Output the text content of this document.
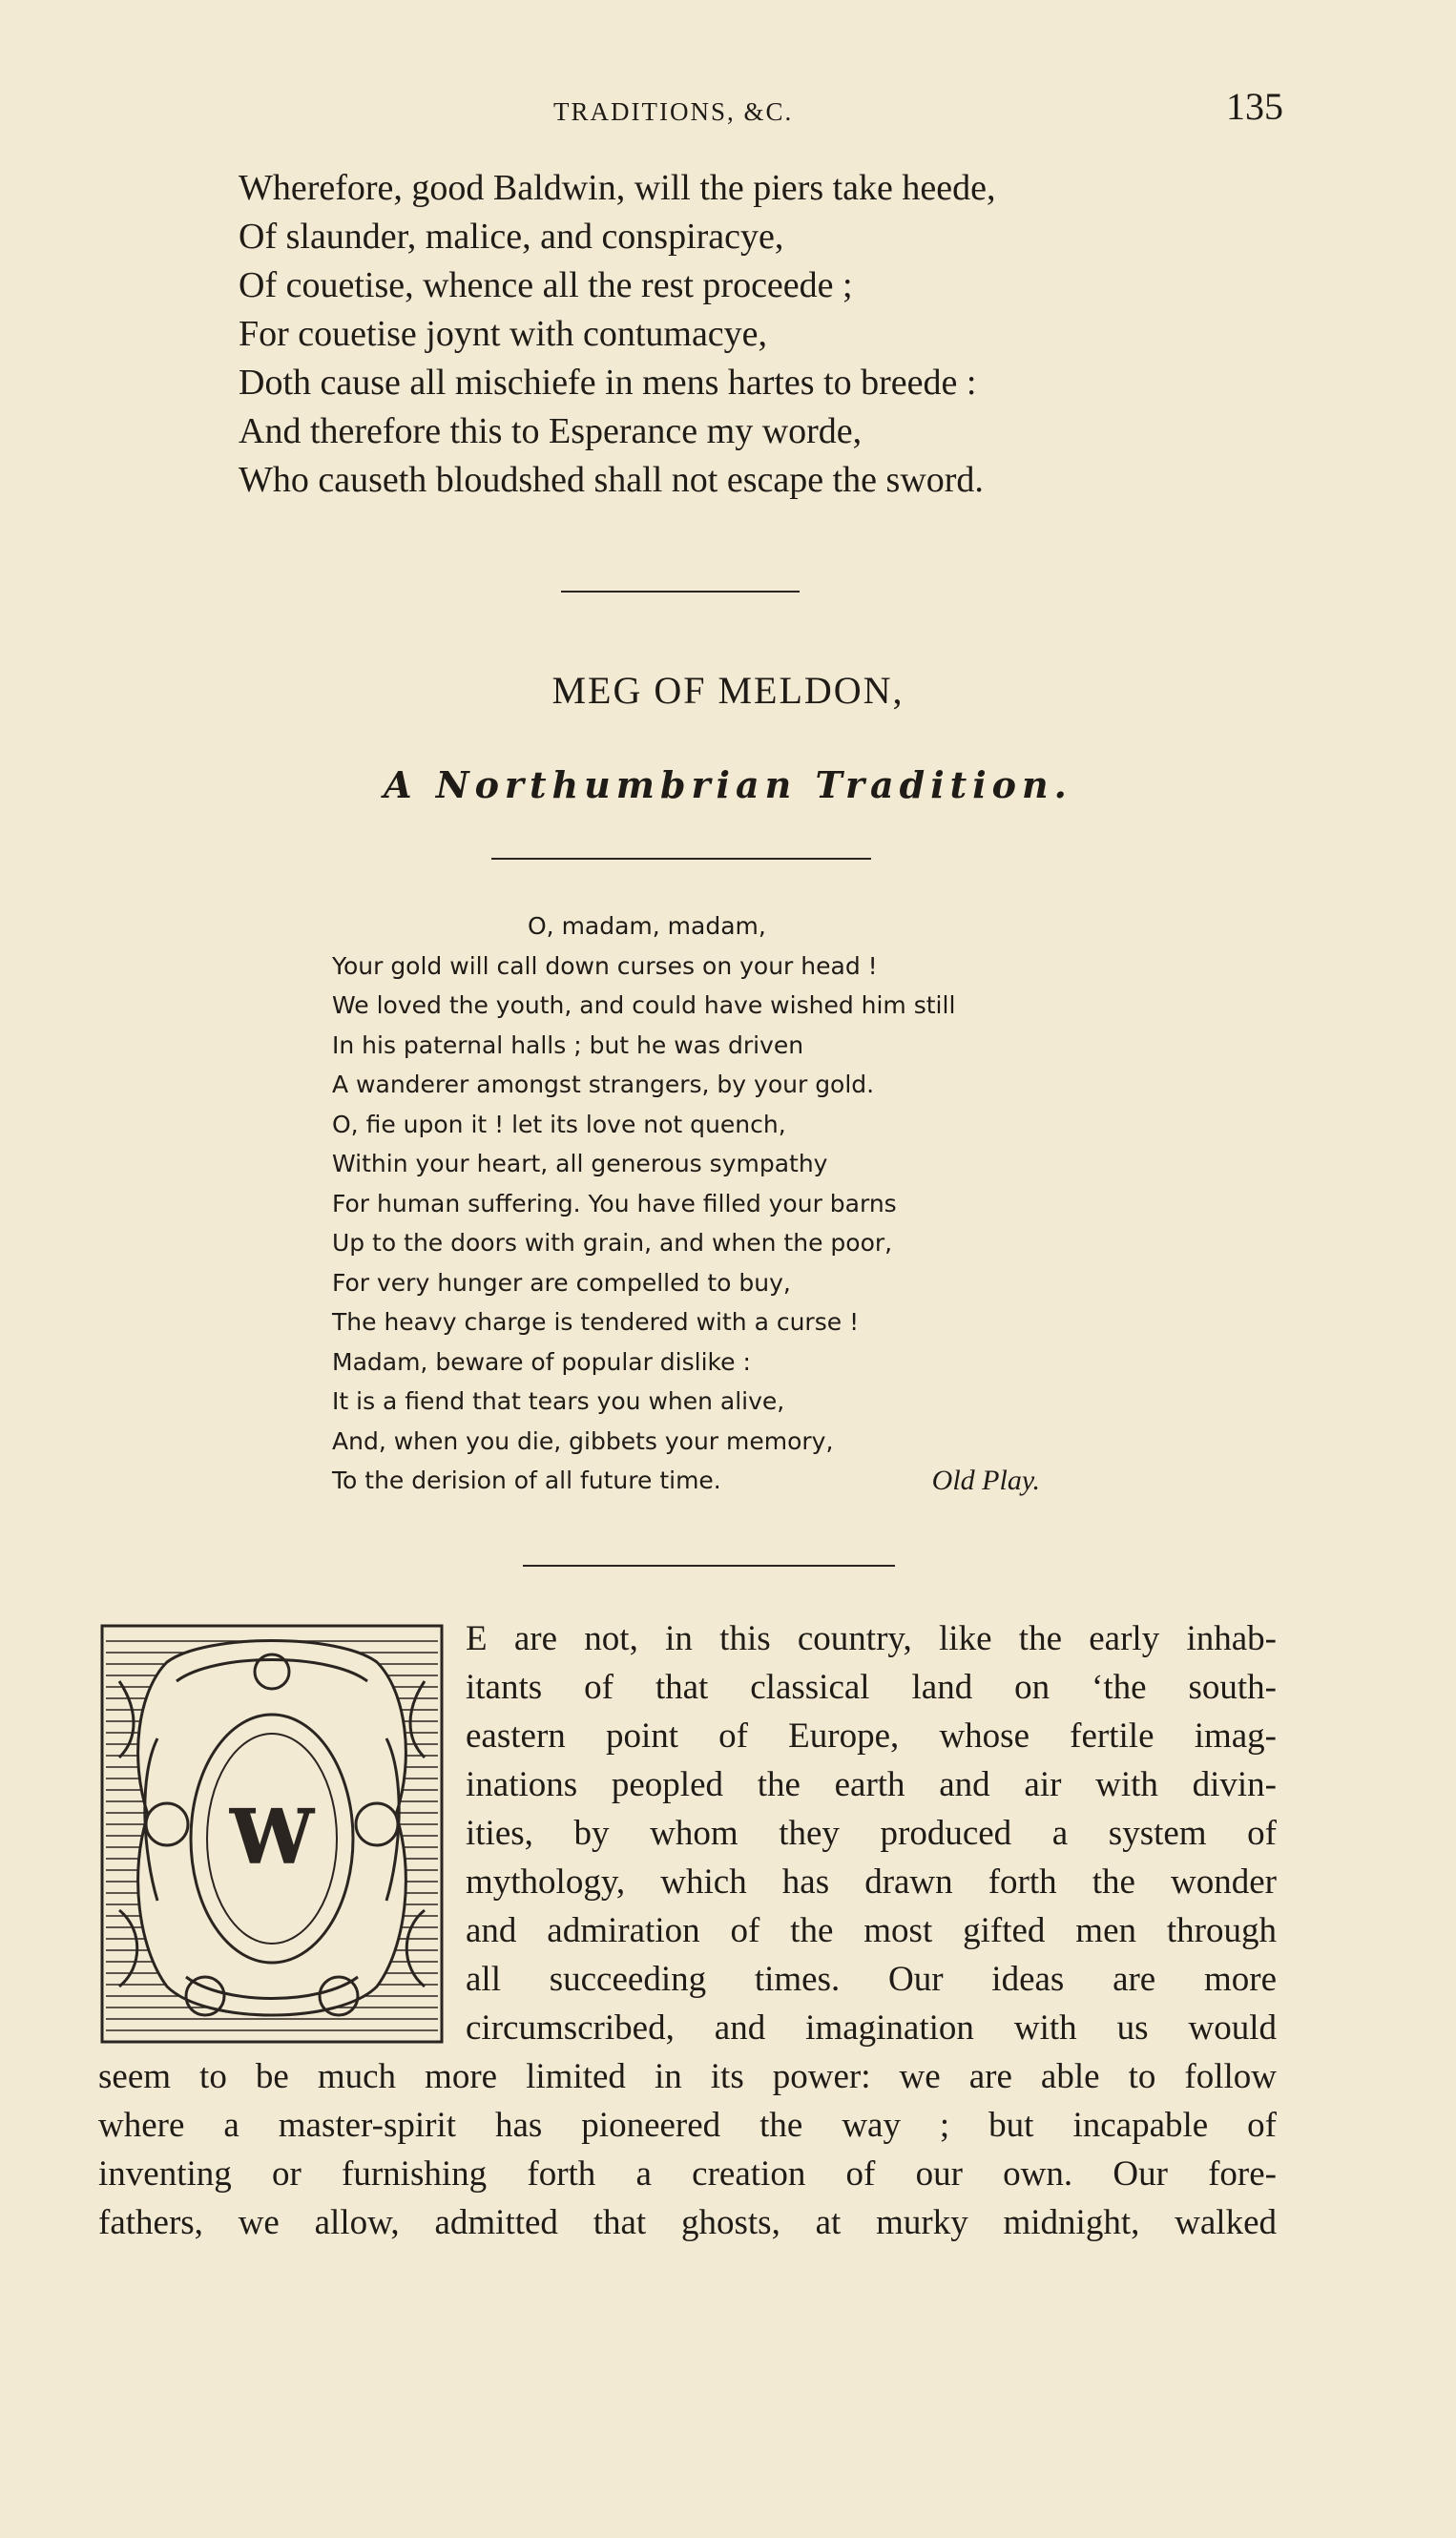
TRADITIONS, &C.	135
Wherefore, good Baldwin, will the piers take heede,
Of slaunder, malice, and conspiracye,
Of couetise, whence all the rest proceede ;
For couetise joynt with contumacye,
Doth cause all mischiefe in mens hartes to breede :
And therefore this to Esperance my worde,
Who causeth bloudshed shall not escape the sword.
MEG OF MELDON,
A Northumbrian Tradition.
O, madam, madam,
Your gold will call down curses on your head !
We loved the youth, and could have wished him still
In his paternal halls ; but he was driven
A wanderer amongst strangers, by your gold.
O, fie upon it ! let its love not quench,
Within your heart, all generous sympathy
For human suffering. You have filled your barns
Up to the doors with grain, and when the poor,
For very hunger are compelled to buy,
The heavy charge is tendered with a curse !
Madam, beware of popular dislike :
It is a fiend that tears you when alive,
And, when you die, gibbets your memory,
To the derision of all future time.	Old Play.
W
E are not, in this country, like the early inhab-
itants of that classical land on ‘the south-
eastern point of Europe, whose fertile imag-
inations peopled the earth and air with divin-
ities, by whom they produced a system of
mythology, which has drawn forth the wonder
and admiration of the most gifted men through
all succeeding times. Our ideas are more
circumscribed, and imagination with us would
seem to be much more limited in its power: we are able to follow
where a master-spirit has pioneered the way ; but incapable of
inventing or furnishing forth a creation of our own. Our fore-
fathers, we allow, admitted that ghosts, at murky midnight, walked
